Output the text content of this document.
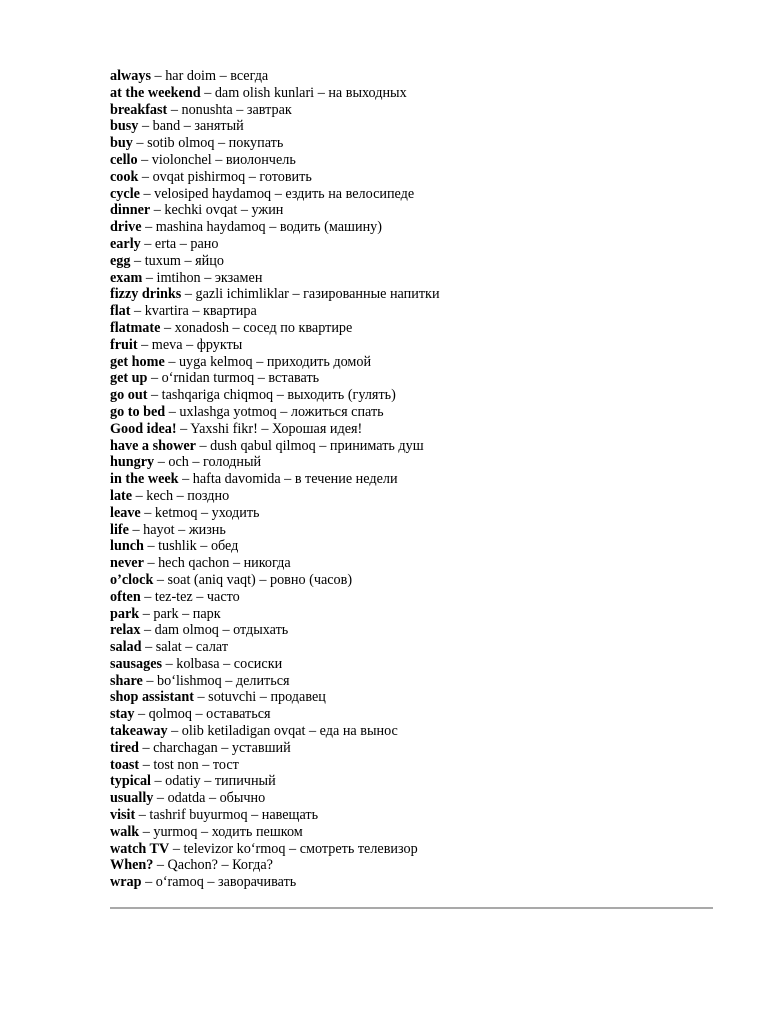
always – har doim – всегда
at the weekend – dam olish kunlari – на выходных
breakfast – nonushta – завтрак
busy – band – занятый
buy – sotib olmoq – покупать
cello – violonchel – виолончель
cook – ovqat pishirmoq – готовить
cycle – velosiped haydamoq – ездить на велосипеде
dinner – kechki ovqat – ужин
drive – mashina haydamoq – водить (машину)
early – erta – рано
egg – tuxum – яйцо
exam – imtihon – экзамен
fizzy drinks – gazli ichimliklar – газированные напитки
flat – kvartira – квартира
flatmate – xonadosh – сосед по квартире
fruit – meva – фрукты
get home – uyga kelmoq – приходить домой
get up – o‘rnidan turmoq – вставать
go out – tashqariga chiqmoq – выходить (гулять)
go to bed – uxlashga yotmoq – ложиться спать
Good idea! – Yaxshi fikr! – Хорошая идея!
have a shower – dush qabul qilmoq – принимать душ
hungry – och – голодный
in the week – hafta davomida – в течение недели
late – kech – поздно
leave – ketmoq – уходить
life – hayot – жизнь
lunch – tushlik – обед
never – hech qachon – никогда
o’clock – soat (aniq vaqt) – ровно (часов)
often – tez-tez – часто
park – park – парк
relax – dam olmoq – отдыхать
salad – salat – салат
sausages – kolbasa – сосиски
share – bo‘lishmoq – делиться
shop assistant – sotuvchi – продавец
stay – qolmoq – оставаться
takeaway – olib ketiladigan ovqat – еда на вынос
tired – charchagan – уставший
toast – tost non – тост
typical – odatiy – типичный
usually – odatda – обычно
visit – tashrif buyurmoq – навещать
walk – yurmoq – ходить пешком
watch TV – televizor ko‘rmoq – смотреть телевизор
When? – Qachon? – Когда?
wrap – o‘ramoq – заворачивать
